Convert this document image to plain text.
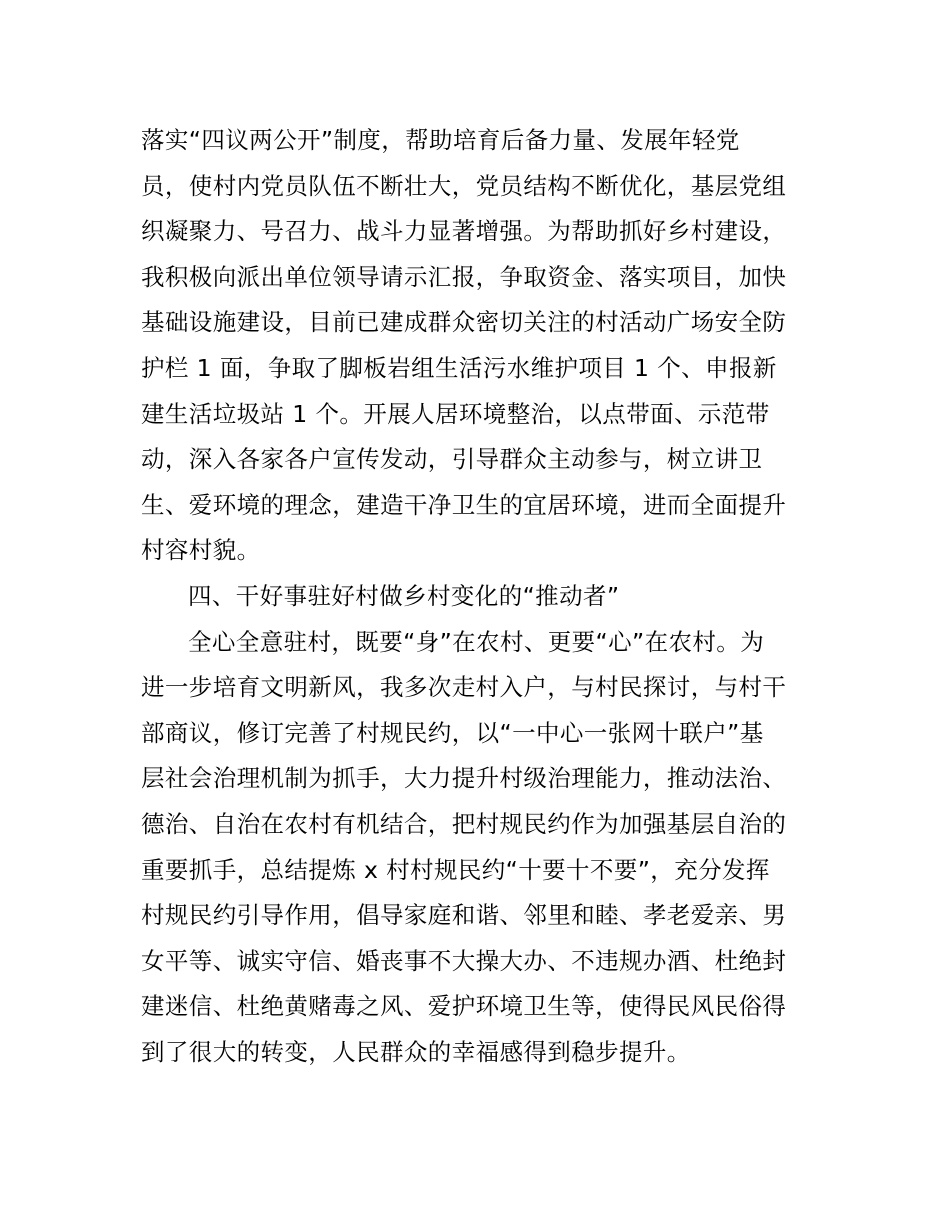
落实“四议两公开”制度，帮助培育后备力量、发展年轻党
员，使村内党员队伍不断壮大，党员结构不断优化，基层党组
织凝聚力、号召力、战斗力显著增强。为帮助抓好乡村建设，
我积极向派出单位领导请示汇报，争取资金、落实项目，加快
基础设施建设，目前已建成群众密切关注的村活动广场安全防
护栏 1 面，争取了脚板岩组生活污水维护项目 1 个、申报新
建生活垃圾站 1 个。开展人居环境整治，以点带面、示范带
动，深入各家各户宣传发动，引导群众主动参与，树立讲卫
生、爱环境的理念，建造干净卫生的宜居环境，进而全面提升
村容村貌。

四、干好事驻好村做乡村变化的“推动者”

全心全意驻村，既要“身”在农村、更要“心”在农村。为
进一步培育文明新风，我多次走村入户，与村民探讨，与村干
部商议，修订完善了村规民约，以“一中心一张网十联户”基
层社会治理机制为抓手，大力提升村级治理能力，推动法治、
德治、自治在农村有机结合，把村规民约作为加强基层自治的
重要抓手，总结提炼 x 村村规民约“十要十不要”，充分发挥
村规民约引导作用，倡导家庭和谐、邻里和睦、孝老爱亲、男
女平等、诚实守信、婚丧事不大操大办、不违规办酒、杜绝封
建迷信、杜绝黄赌毒之风、爱护环境卫生等，使得民风民俗得
到了很大的转变，人民群众的幸福感得到稳步提升。
